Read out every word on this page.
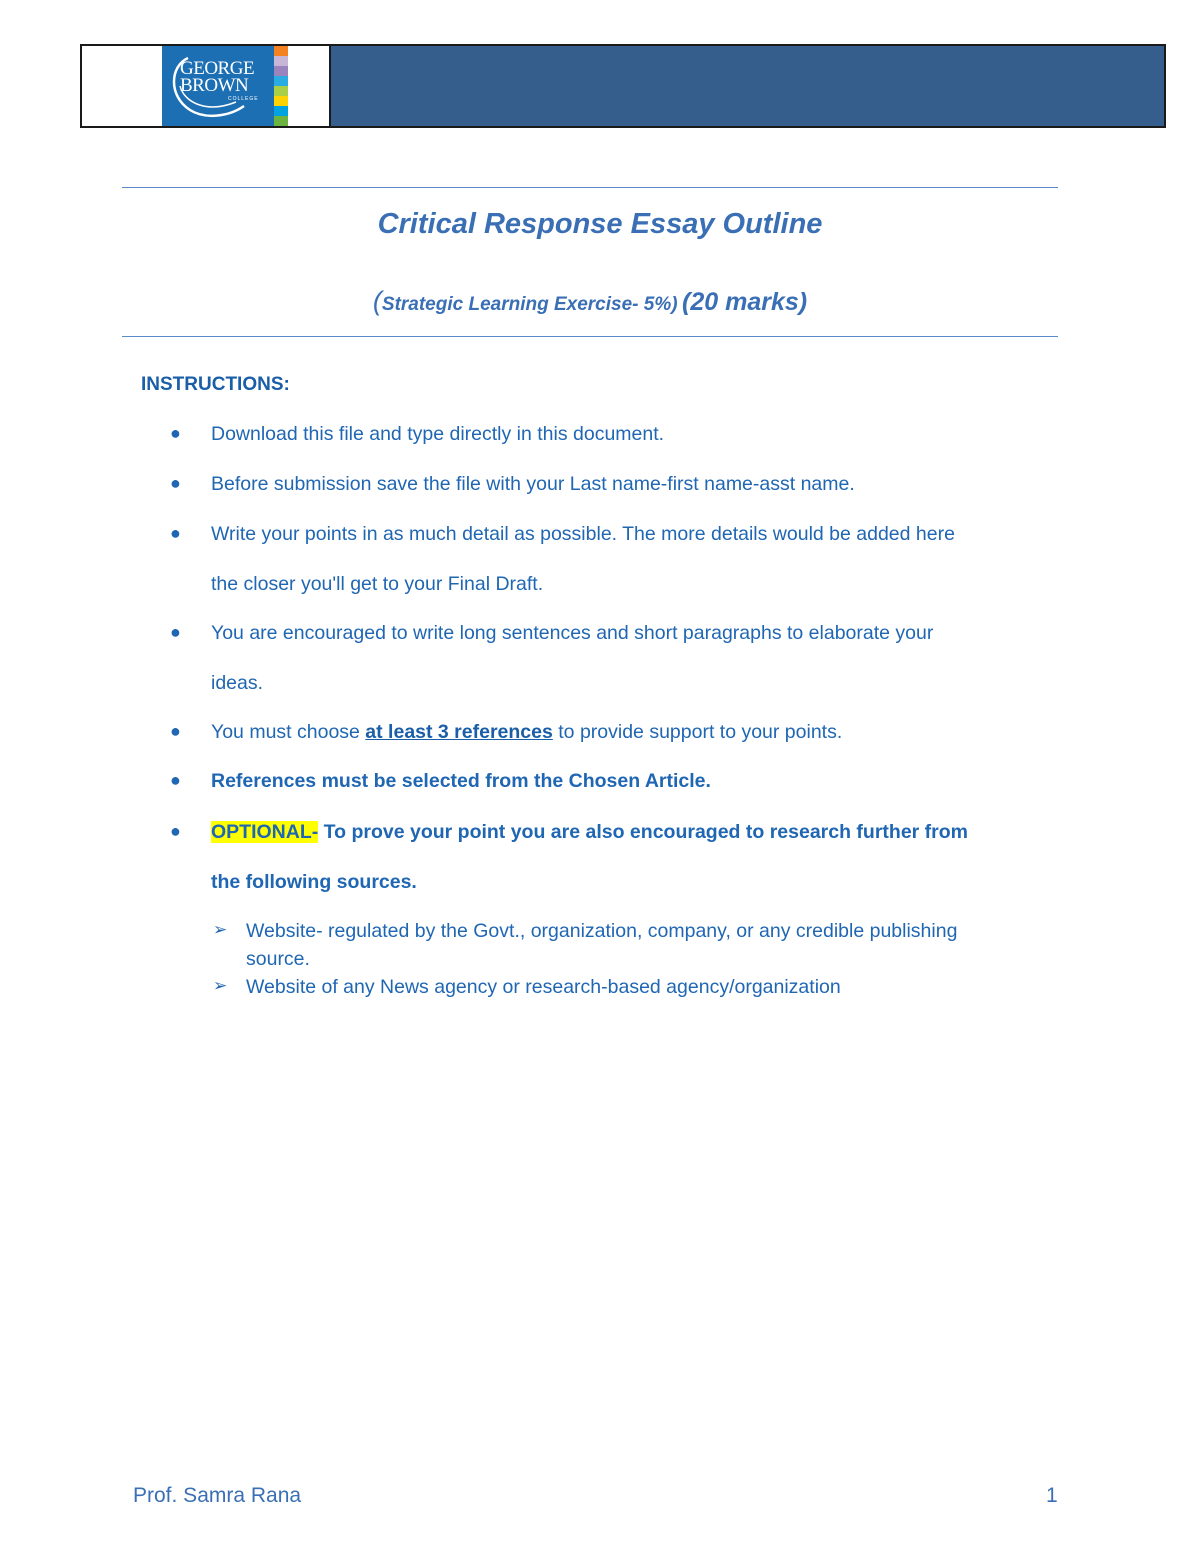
GEORGE
BROWN
COLLEGE
Critical Response Essay Outline
(Strategic Learning Exercise- 5%) (20 marks)
INSTRUCTIONS:
● Download this file and type directly in this document.
● Before submission save the file with your Last name-first name-asst name.
● Write your points in as much detail as possible. The more details would be added here
the closer you'll get to your Final Draft.
● You are encouraged to write long sentences and short paragraphs to elaborate your
ideas.
● You must choose at least 3 references to provide support to your points.
● References must be selected from the Chosen Article.
● OPTIONAL- To prove your point you are also encouraged to research further from
the following sources.
➢ Website- regulated by the Govt., organization, company, or any credible publishing
source.
➢ Website of any News agency or research-based agency/organization
Prof. Samra Rana	1
